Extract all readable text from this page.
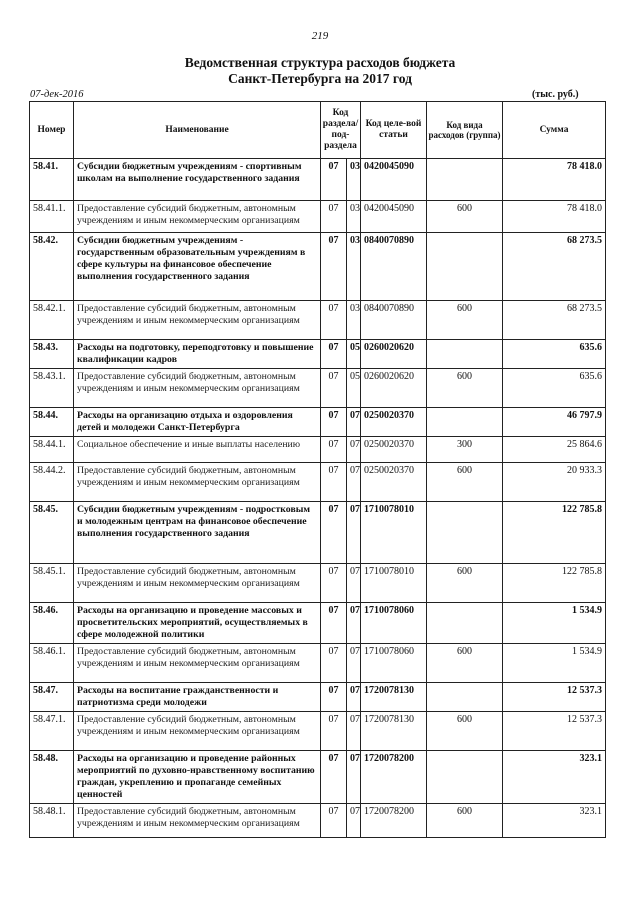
219
Ведомственная структура расходов бюджета
Санкт-Петербурга на 2017 год
07-дек-2016	(тыс. руб.)
Номер	Наименование	Код раздела/ под-раздела		Код целе-вой статьи	Код вида расходов (группа)	Сумма
58.41.	Субсидии бюджетным учреждениям - спортивным школам на выполнение государственного задания	07	03	0420045090		78 418.0
58.41.1.	Предоставление субсидий бюджетным, автономным учреждениям и иным некоммерческим организациям	07	03	0420045090	600	78 418.0
58.42.	Субсидии бюджетным учреждениям - государственным образовательным учреждениям в сфере культуры на финансовое обеспечение выполнения государственного задания	07	03	0840070890		68 273.5
58.42.1.	Предоставление субсидий бюджетным, автономным учреждениям и иным некоммерческим организациям	07	03	0840070890	600	68 273.5
58.43.	Расходы на подготовку, переподготовку и повышение квалификации кадров	07	05	0260020620		635.6
58.43.1.	Предоставление субсидий бюджетным, автономным учреждениям и иным некоммерческим организациям	07	05	0260020620	600	635.6
58.44.	Расходы на организацию отдыха и оздоровления детей и молодежи Санкт-Петербурга	07	07	0250020370		46 797.9
58.44.1.	Социальное обеспечение и иные выплаты населению	07	07	0250020370	300	25 864.6
58.44.2.	Предоставление субсидий бюджетным, автономным учреждениям и иным некоммерческим организациям	07	07	0250020370	600	20 933.3
58.45.	Субсидии бюджетным учреждениям - подростковым и молодежным центрам на финансовое обеспечение выполнения государственного задания	07	07	1710078010		122 785.8
58.45.1.	Предоставление субсидий бюджетным, автономным учреждениям и иным некоммерческим организациям	07	07	1710078010	600	122 785.8
58.46.	Расходы на организацию и проведение массовых и просветительских мероприятий, осуществляемых в сфере молодежной политики	07	07	1710078060		1 534.9
58.46.1.	Предоставление субсидий бюджетным, автономным учреждениям и иным некоммерческим организациям	07	07	1710078060	600	1 534.9
58.47.	Расходы на воспитание гражданственности и патриотизма среди молодежи	07	07	1720078130		12 537.3
58.47.1.	Предоставление субсидий бюджетным, автономным учреждениям и иным некоммерческим организациям	07	07	1720078130	600	12 537.3
58.48.	Расходы на организацию и проведение районных мероприятий по духовно-нравственному воспитанию граждан, укреплению и пропаганде семейных ценностей	07	07	1720078200		323.1
58.48.1.	Предоставление субсидий бюджетным, автономным учреждениям и иным некоммерческим организациям	07	07	1720078200	600	323.1
